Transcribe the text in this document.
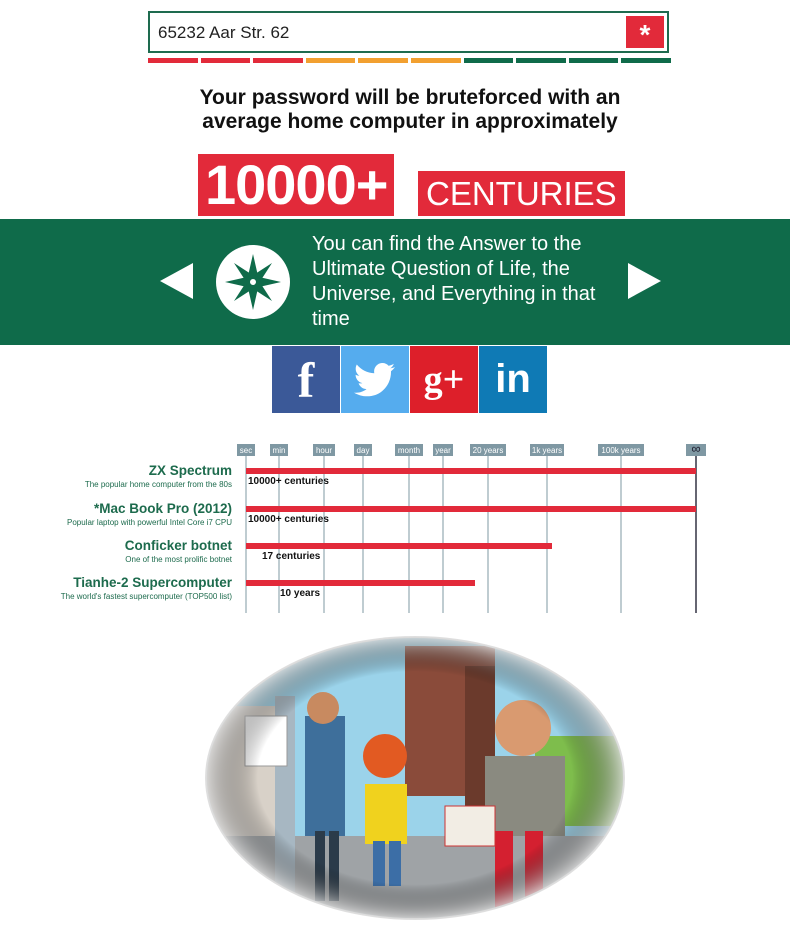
65232 Aar Str. 62
*
Your password will be bruteforced with an
average home computer in approximately
10000+ CENTURIES
You can find the Answer to the Ultimate Question of Life, the Universe, and Everything in that time
f	g+ in
sec	min	hour	day	month year	20 years	1k years	100k years	∞
10000+ centuries
10000+ centuries
17 centuries
10 years
ZX Spectrum
The popular home computer from the 80s
*Mac Book Pro (2012)
Popular laptop with powerful Intel Core i7 CPU
Conficker botnet
One of the most prolific botnet
Tianhe-2 Supercomputer
The world's fastest supercomputer (TOP500 list)
